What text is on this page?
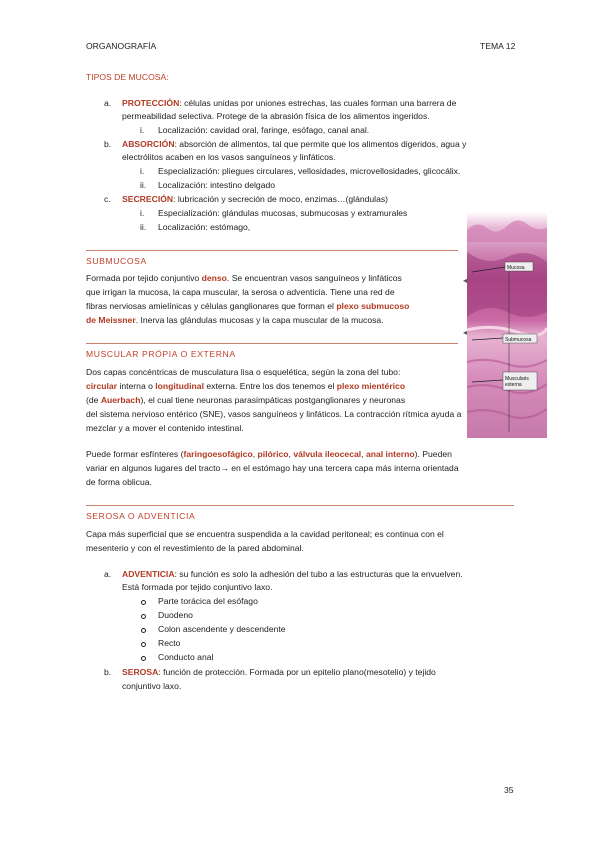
ORGANOGRAFÍA	TEMA 12
TIPOS DE MUCOSA:
a. PROTECCIÓN: células unidas por uniones estrechas, las cuales forman una barrera de
permeabilidad selectiva. Protege de la abrasión física de los alimentos ingeridos.
i. Localización: cavidad oral, faringe, esófago, canal anal.
b. ABSORCIÓN: absorción de alimentos, tal que permite que los alimentos digeridos, agua y
electrólitos acaben en los vasos sanguíneos y linfáticos.
i. Especialización: pliegues circulares, vellosidades, microvellosidades, glicocálix.
ii. Localización: intestino delgado
c. SECRECIÓN: lubricación y secreción de moco, enzimas…(glándulas)
i. Especialización: glándulas mucosas, submucosas y extramurales
ii. Localización: estómago,
SUBMUCOSA
Formada por tejido conjuntivo denso. Se encuentran vasos sanguíneos y linfáticos
que irrigan la mucosa, la capa muscular, la serosa o adventicia. Tiene una red de
fibras nerviosas amielínicas y células ganglionares que forman el plexo submucoso
de Meissner. Inerva las glándulas mucosas y la capa muscular de la mucosa.
MUSCULAR PRÓPIA O EXTERNA
Dos capas concéntricas de musculatura lisa o esquelética, según la zona del tubo:
circular interna o longitudinal externa. Entre los dos tenemos el plexo mientérico
(de Auerbach), el cual tiene neuronas parasimpáticas postganglionares y neuronas
del sistema nervioso entérico (SNE), vasos sanguíneos y linfáticos. La contracción rítmica ayuda a
mezclar y a mover el contenido intestinal.
Puede formar esfínteres (faringoesofágico, pilórico, válvula ileocecal, anal interno). Pueden
variar en algunos lugares del tracto→ en el estómago hay una tercera capa más interna orientada
de forma oblicua.
SEROSA O ADVENTICIA
Capa más superficial que se encuentra suspendida a la cavidad peritoneal; es continua con el
mesenterio y con el revestimiento de la pared abdominal.
a. ADVENTICIA: su función es solo la adhesión del tubo a las estructuras que la envuelven.
Está formada por tejido conjuntivo laxo.
Parte torácica del esófago
Duodeno
Colon ascendente y descendente
Recto
Conducto anal
b. SEROSA: función de protección. Formada por un epitelio plano(mesotelio) y tejido
conjuntivo laxo.
Mucosa
Submucosa
Muscularis externa
◂
◂
35
